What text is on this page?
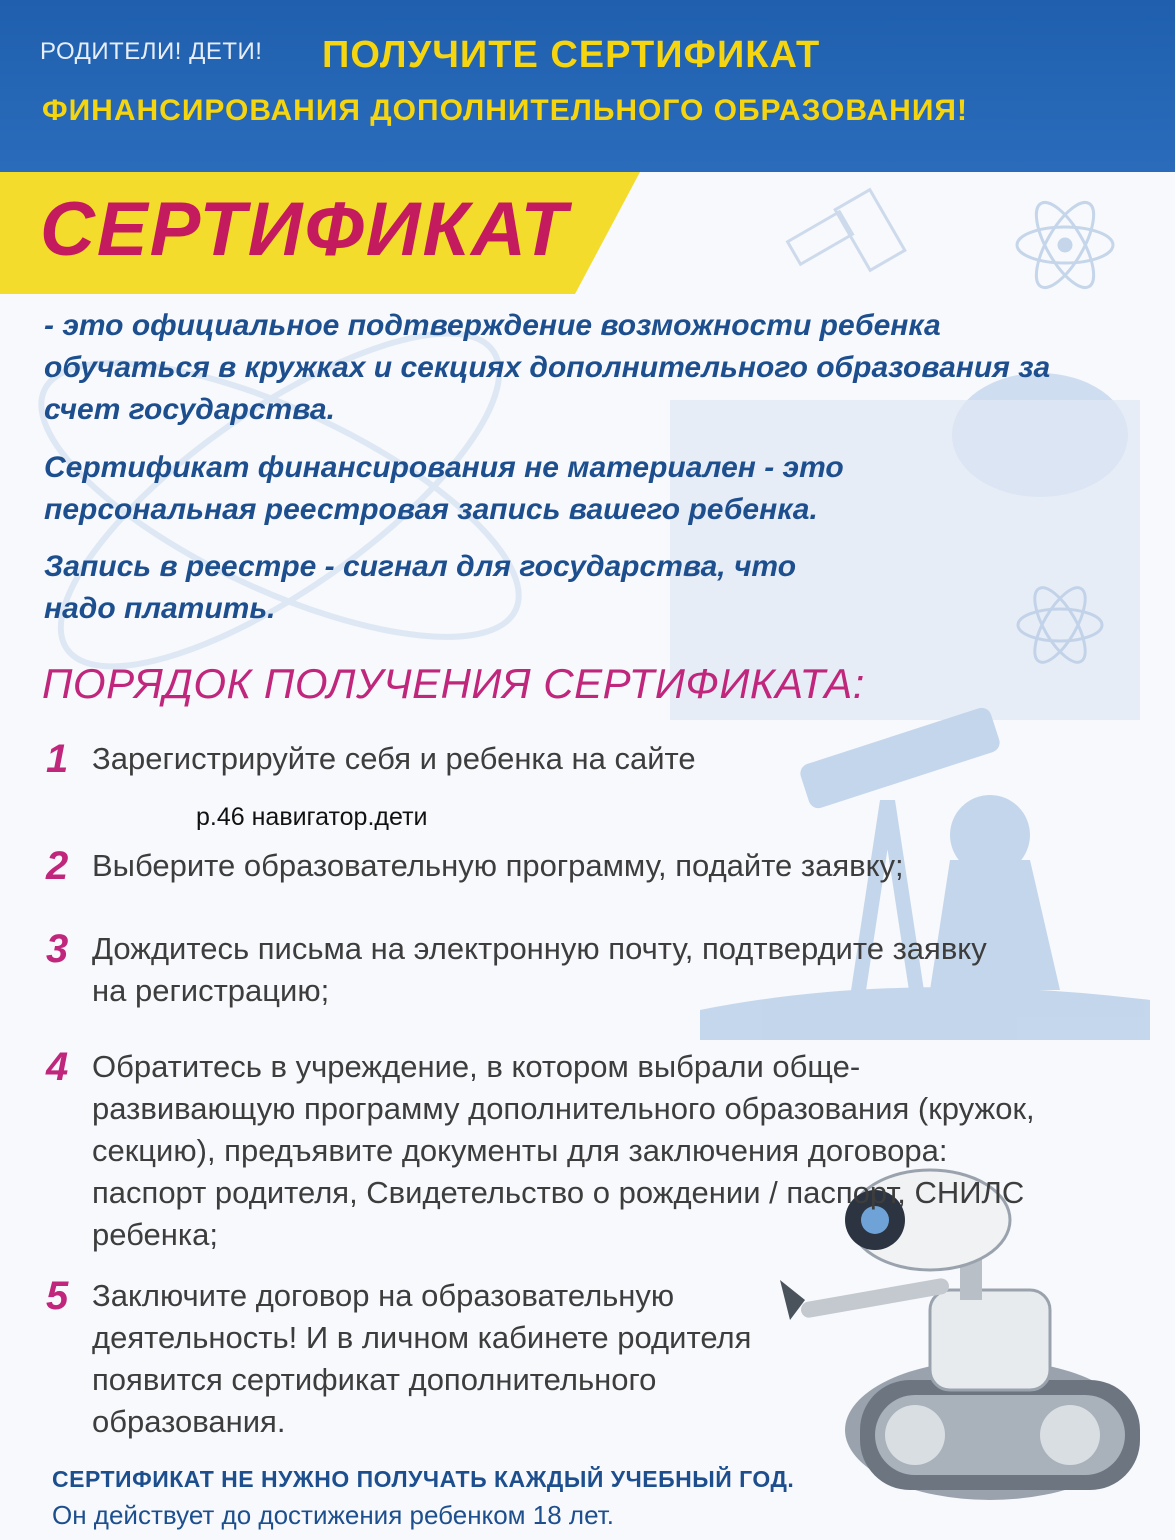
РОДИТЕЛИ! ДЕТИ! ПОЛУЧИТЕ СЕРТИФИКАТ
ФИНАНСИРОВАНИЯ ДОПОЛНИТЕЛЬНОГО ОБРАЗОВАНИЯ!
СЕРТИФИКАТ
- это официальное подтверждение возможности ребенка обучаться в кружках и секциях дополнительного образования за счет государства.
Сертификат финансирования не материален - это персональная реестровая запись вашего ребенка.
Запись в реестре - сигнал для государства, что надо платить.
ПОРЯДОК ПОЛУЧЕНИЯ СЕРТИФИКАТА:
1 Зарегистрируйте себя и ребенка на сайте
р.46 навигатор.дети
2 Выберите образовательную программу, подайте заявку;
3 Дождитесь письма на электронную почту, подтвердите заявку на регистрацию;
4 Обратитесь в учреждение, в котором выбрали обще-развивающую программу дополнительного образования (кружок, секцию), предъявите документы для заключения договора: паспорт родителя, Свидетельство о рождении / паспорт, СНИЛС ребенка;
5 Заключите договор на образовательную деятельность! И в личном кабинете родителя появится сертификат дополнительного образования.
СЕРТИФИКАТ НЕ НУЖНО ПОЛУЧАТЬ КАЖДЫЙ УЧЕБНЫЙ ГОД.
Он действует до достижения ребенком 18 лет.
